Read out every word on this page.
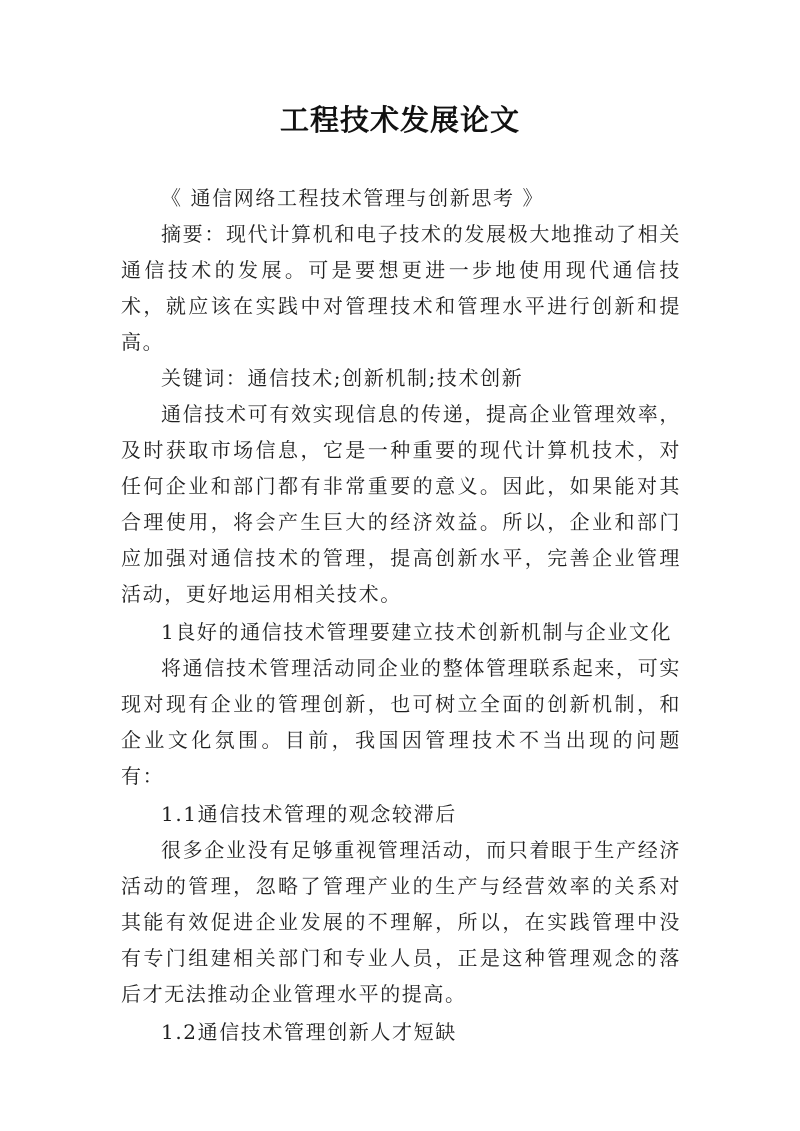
工程技术发展论文

《 通信网络工程技术管理与创新思考 》

摘要：现代计算机和电子技术的发展极大地推动了相关通信技术的发展。可是要想更进一步地使用现代通信技术，就应该在实践中对管理技术和管理水平进行创新和提高。

关键词：通信技术;创新机制;技术创新

通信技术可有效实现信息的传递，提高企业管理效率，及时获取市场信息，它是一种重要的现代计算机技术，对任何企业和部门都有非常重要的意义。因此，如果能对其合理使用，将会产生巨大的经济效益。所以，企业和部门应加强对通信技术的管理，提高创新水平，完善企业管理活动，更好地运用相关技术。

1良好的通信技术管理要建立技术创新机制与企业文化

将通信技术管理活动同企业的整体管理联系起来，可实现对现有企业的管理创新，也可树立全面的创新机制，和企业文化氛围。目前，我国因管理技术不当出现的问题有：

1.1通信技术管理的观念较滞后

很多企业没有足够重视管理活动，而只着眼于生产经济活动的管理，忽略了管理产业的生产与经营效率的关系对其能有效促进企业发展的不理解，所以，在实践管理中没有专门组建相关部门和专业人员，正是这种管理观念的落后才无法推动企业管理水平的提高。

1.2通信技术管理创新人才短缺
